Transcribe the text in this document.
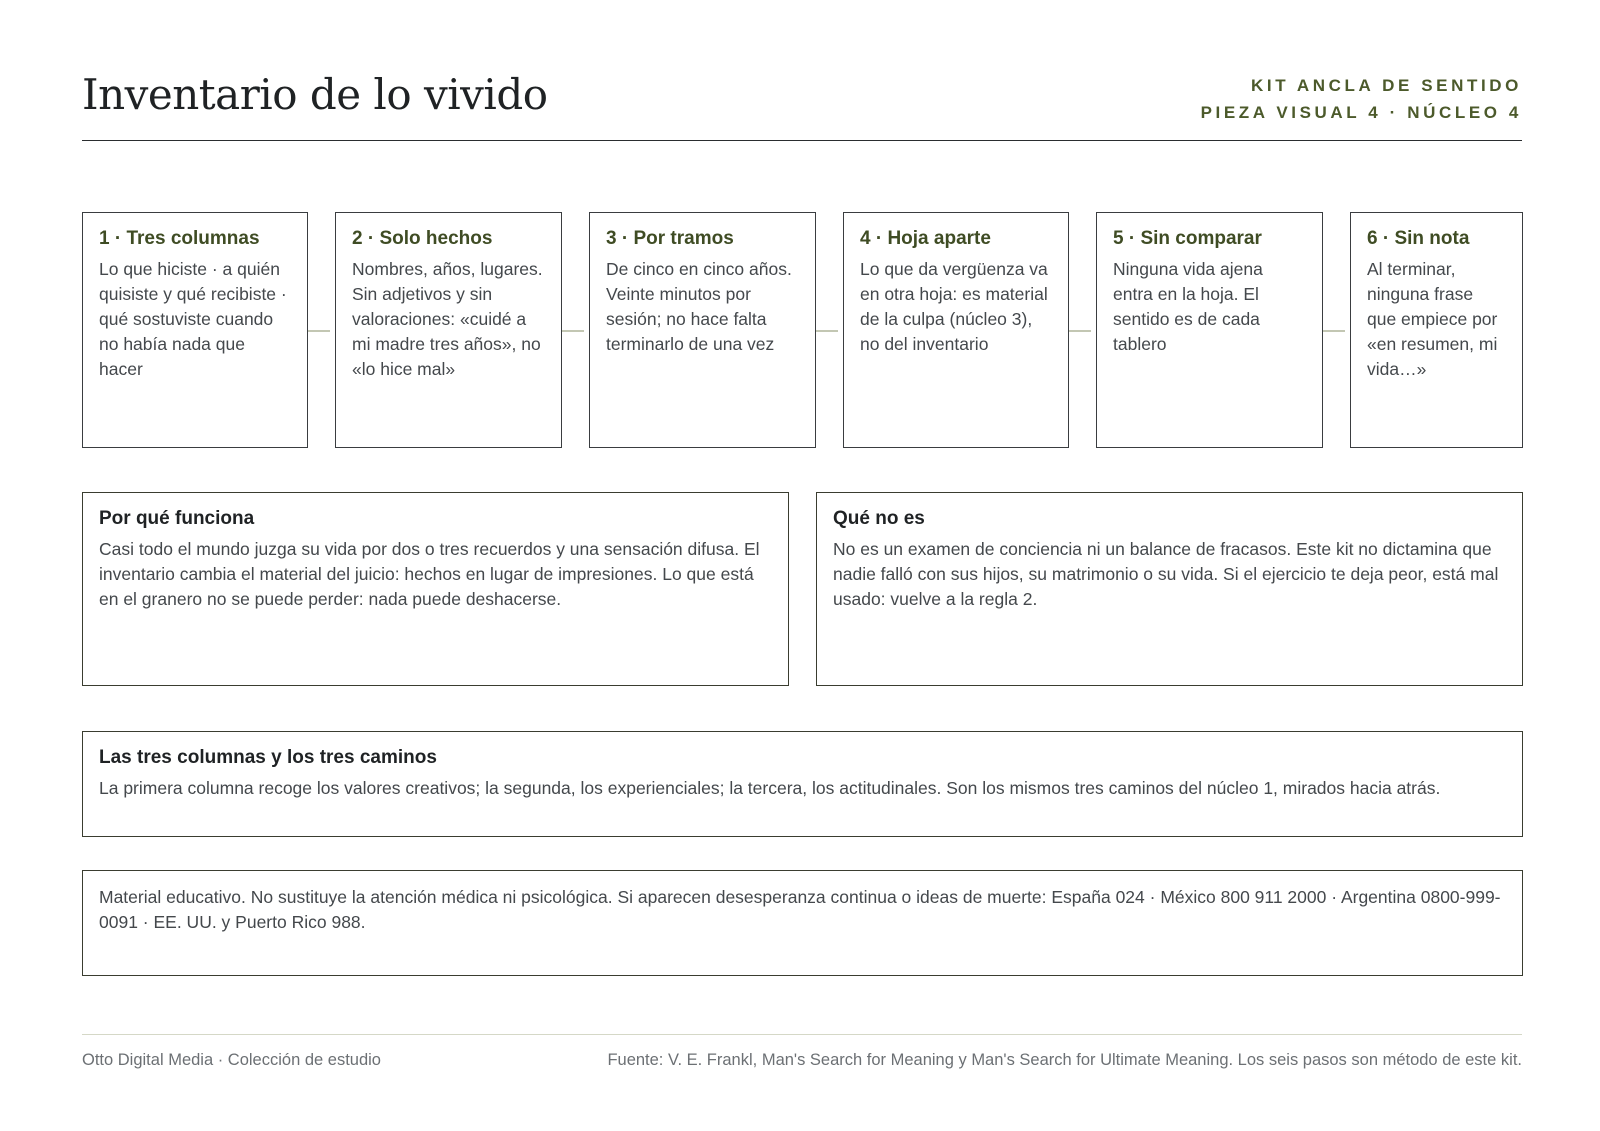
Inventario de lo vivido	KIT ANCLA DE SENTIDO
PIEZA VISUAL 4 · NÚCLEO 4
1 · Tres columnas
Lo que hiciste · a quién quisiste y qué recibiste · qué sostuviste cuando no había nada que hacer
2 · Solo hechos
Nombres, años, lugares. Sin adjetivos y sin valoraciones: «cuidé a mi madre tres años», no «lo hice mal»
3 · Por tramos
De cinco en cinco años. Veinte minutos por sesión; no hace falta terminarlo de una vez
4 · Hoja aparte
Lo que da vergüenza va en otra hoja: es material de la culpa (núcleo 3), no del inventario
5 · Sin comparar
Ninguna vida ajena entra en la hoja. El sentido es de cada tablero
6 · Sin nota
Al terminar, ninguna frase que empiece por «en resumen, mi vida…»
Por qué funciona
Casi todo el mundo juzga su vida por dos o tres recuerdos y una sensación difusa. El inventario cambia el material del juicio: hechos en lugar de impresiones. Lo que está en el granero no se puede perder: nada puede deshacerse.
Qué no es
No es un examen de conciencia ni un balance de fracasos. Este kit no dictamina que nadie falló con sus hijos, su matrimonio o su vida. Si el ejercicio te deja peor, está mal usado: vuelve a la regla 2.
Las tres columnas y los tres caminos
La primera columna recoge los valores creativos; la segunda, los experienciales; la tercera, los actitudinales. Son los mismos tres caminos del núcleo 1, mirados hacia atrás.
Material educativo. No sustituye la atención médica ni psicológica. Si aparecen desesperanza continua o ideas de muerte: España 024 · México 800 911 2000 · Argentina 0800-999-0091 · EE. UU. y Puerto Rico 988.
Otto Digital Media · Colección de estudio	Fuente: V. E. Frankl, Man's Search for Meaning y Man's Search for Ultimate Meaning. Los seis pasos son método de este kit.
